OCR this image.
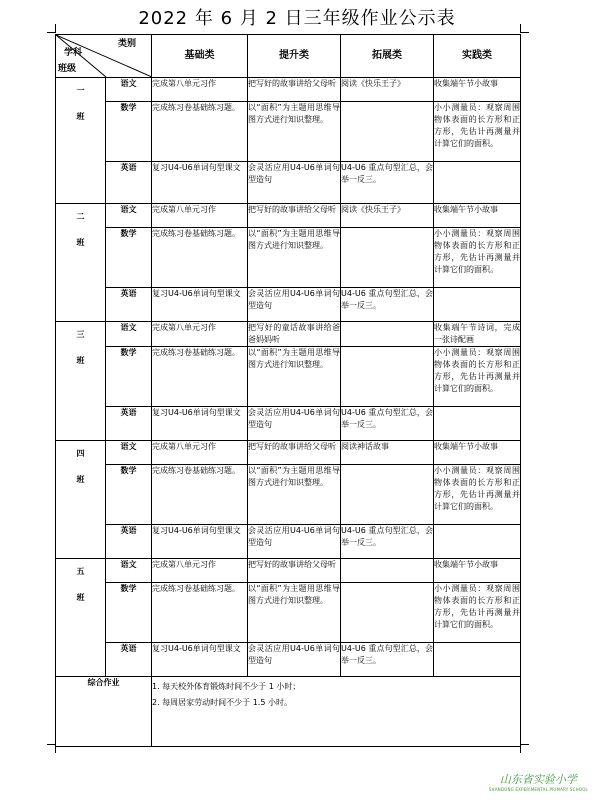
2022 年 6 月 2 日三年级作业公示表
类别
学科
班级		基础类	提升类	拓展类	实践类

一班	语文	完成第八单元习作	把写好的故事讲给父母听	阅读《快乐王子》	收集端午节小故事
	数学	完成练习卷基础练习题。	以“面积”为主题用思维导图方式进行知识整理。		小小测量员：观察周围物体表面的长方形和正方形，先估计再测量并计算它们的面积。
	英语	复习U4-U6单词句型课文	会灵活应用U4-U6单词句型造句	U4-U6 重点句型汇总，会举一反三。	

二班	语文	完成第八单元习作	把写好的故事讲给父母听	阅读《快乐王子》	收集端午节小故事
	数学	完成练习卷基础练习题。	以“面积”为主题用思维导图方式进行知识整理。		小小测量员：观察周围物体表面的长方形和正方形，先估计再测量并计算它们的面积。
	英语	复习U4-U6单词句型课文	会灵活应用U4-U6单词句型造句	U4-U6 重点句型汇总，会举一反三。	

三班	语文	完成第八单元习作	把写好的童话故事讲给爸爸妈妈听		收集端午节诗词，完成一张诗配画
	数学	完成练习卷基础练习题。	以“面积”为主题用思维导图方式进行知识整理。		小小测量员：观察周围物体表面的长方形和正方形，先估计再测量并计算它们的面积。
	英语	复习U4-U6单词句型课文	会灵活应用U4-U6单词句型造句	U4-U6 重点句型汇总，会举一反三。	

四班	语文	完成第八单元习作	把写好的故事讲给父母听	阅读神话故事	收集端午节小故事
	数学	完成练习卷基础练习题。	以“面积”为主题用思维导图方式进行知识整理。		小小测量员：观察周围物体表面的长方形和正方形，先估计再测量并计算它们的面积。
	英语	复习U4-U6单词句型课文	会灵活应用U4-U6单词句型造句	U4-U6 重点句型汇总，会举一反三。	

五班	语文	完成第八单元习作	把写好的故事讲给父母听		收集端午节小故事
	数学	完成练习卷基础练习题。	以“面积”为主题用思维导图方式进行知识整理。		小小测量员：观察周围物体表面的长方形和正方形，先估计再测量并计算它们的面积。
	英语	复习U4-U6单词句型课文	会灵活应用U4-U6单词句型造句	U4-U6 重点句型汇总，会举一反三。	
综合作业		1. 每天校外体育锻炼时间不少于 1 小时；
2. 每周居家劳动时间不少于 1.5 小时。			
山东省实验小学
SHANDONG EXPERIMENTAL PRIMARY SCHOOL
